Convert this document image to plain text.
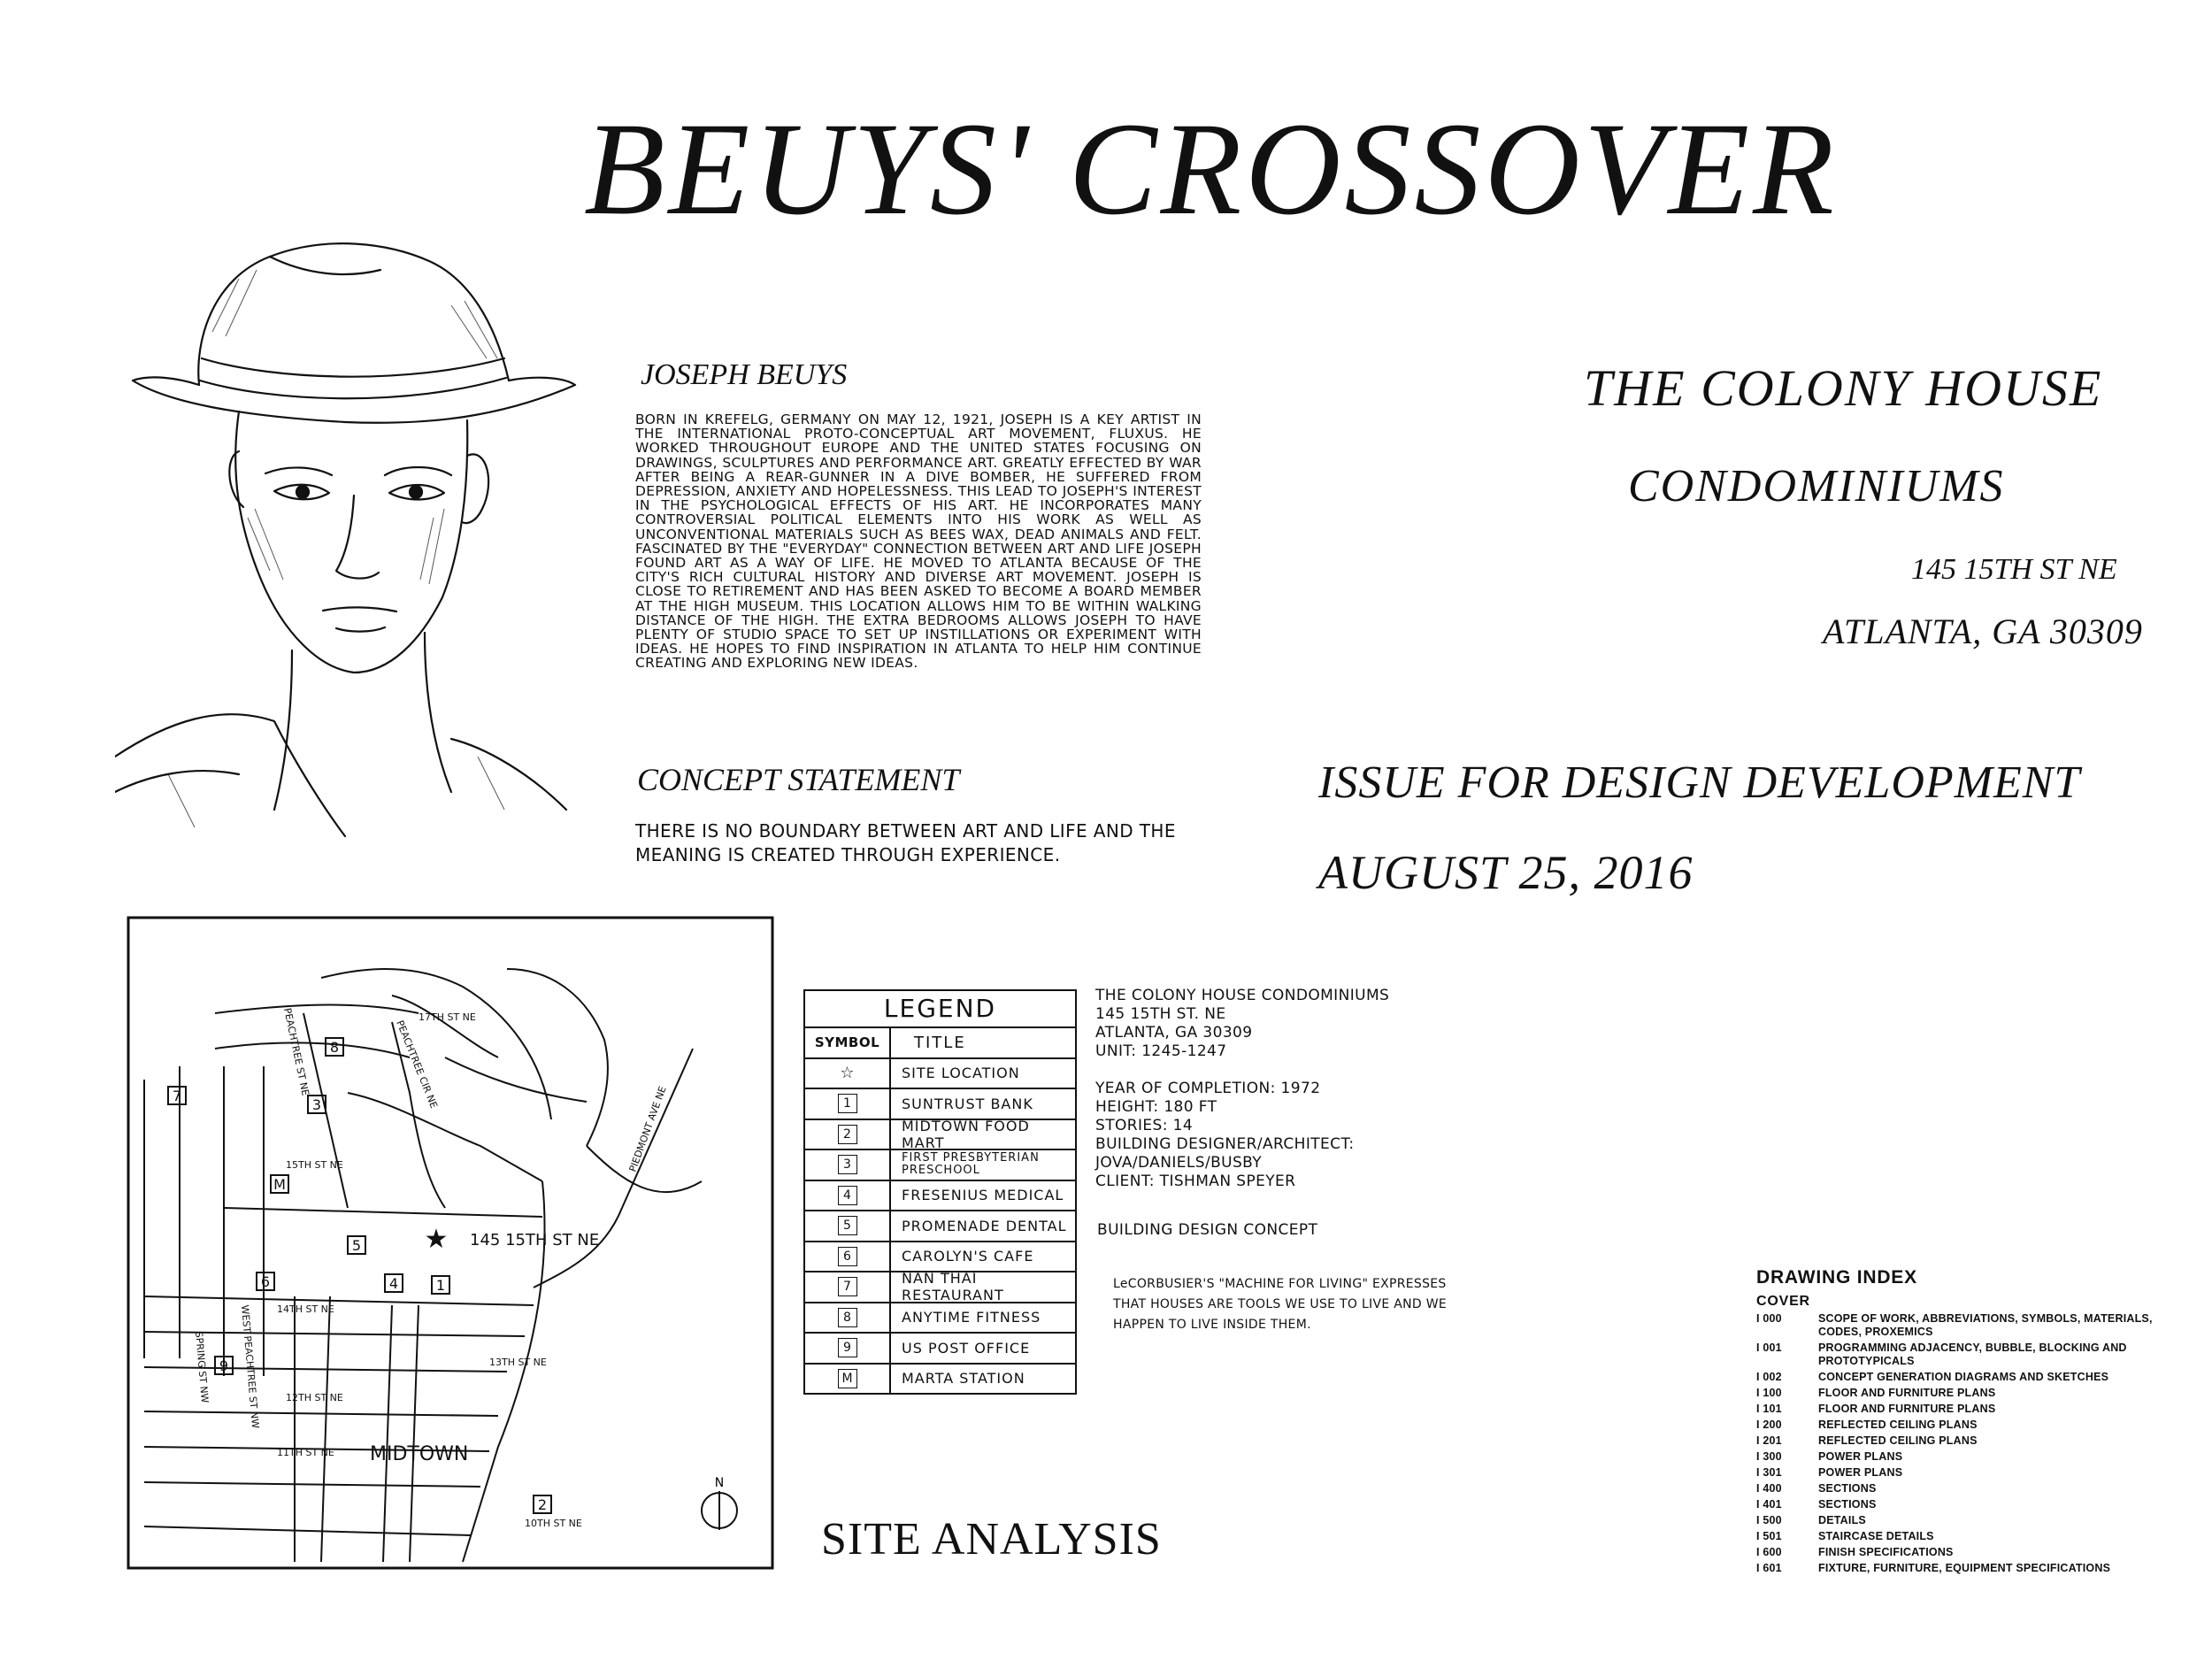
BEUYS' CROSSOVER
JOSEPH BEUYS
BORN IN KREFELG, GERMANY ON MAY 12, 1921, JOSEPH IS A KEY ARTIST IN THE INTERNATIONAL PROTO-CONCEPTUAL ART MOVEMENT, FLUXUS. HE WORKED THROUGHOUT EUROPE AND THE UNITED STATES FOCUSING ON DRAWINGS, SCULPTURES AND PERFORMANCE ART. GREATLY EFFECTED BY WAR AFTER BEING A REAR-GUNNER IN A DIVE BOMBER, HE SUFFERED FROM DEPRESSION, ANXIETY AND HOPELESSNESS. THIS LEAD TO JOSEPH'S INTEREST IN THE PSYCHOLOGICAL EFFECTS OF HIS ART. HE INCORPORATES MANY CONTROVERSIAL POLITICAL ELEMENTS INTO HIS WORK AS WELL AS UNCONVENTIONAL MATERIALS SUCH AS BEES WAX, DEAD ANIMALS AND FELT. FASCINATED BY THE "EVERYDAY" CONNECTION BETWEEN ART AND LIFE JOSEPH FOUND ART AS A WAY OF LIFE. HE MOVED TO ATLANTA BECAUSE OF THE CITY'S RICH CULTURAL HISTORY AND DIVERSE ART MOVEMENT. JOSEPH IS CLOSE TO RETIREMENT AND HAS BEEN ASKED TO BECOME A BOARD MEMBER AT THE HIGH MUSEUM. THIS LOCATION ALLOWS HIM TO BE WITHIN WALKING DISTANCE OF THE HIGH. THE EXTRA BEDROOMS ALLOWS JOSEPH TO HAVE PLENTY OF STUDIO SPACE TO SET UP INSTILLATIONS OR EXPERIMENT WITH IDEAS. HE HOPES TO FIND INSPIRATION IN ATLANTA TO HELP HIM CONTINUE CREATING AND EXPLORING NEW IDEAS.
CONCEPT STATEMENT
THERE IS NO BOUNDARY BETWEEN ART AND LIFE AND THE MEANING IS CREATED THROUGH EXPERIENCE.
THE COLONY HOUSE
CONDOMINIUMS
145 15TH ST NE
ATLANTA, GA 30309
ISSUE FOR DESIGN DEVELOPMENT
AUGUST 25, 2016
17TH ST NE
15TH ST NE
14TH ST NE
13TH ST NE
12TH ST NE
11TH ST NE
10TH ST NE
PEACHTREE ST NE	PEACHTREE CIR NE
PIEDMONT AVE NE
SPRING ST NW	WEST PEACHTREE ST NW
145 15TH ST NE
MIDTOWN
★
1
2
3
4
5
6
7
8
9
M
N
LEGEND
SYMBOL	TITLE
☆	SITE LOCATION
1	SUNTRUST BANK
2	MIDTOWN FOOD MART
3	FIRST PRESBYTERIAN PRESCHOOL
4	FRESENIUS MEDICAL
5	PROMENADE DENTAL
6	CAROLYN'S CAFE
7	NAN THAI RESTAURANT
8	ANYTIME FITNESS
9	US POST OFFICE
M	MARTA STATION
THE COLONY HOUSE CONDOMINIUMS
145 15TH ST. NE
ATLANTA, GA 30309
UNIT: 1245-1247
YEAR OF COMPLETION: 1972
HEIGHT: 180 FT
STORIES: 14
BUILDING DESIGNER/ARCHITECT: JOVA/DANIELS/BUSBY
CLIENT: TISHMAN SPEYER
BUILDING DESIGN CONCEPT
LeCORBUSIER'S "MACHINE FOR LIVING" EXPRESSES THAT HOUSES ARE TOOLS WE USE TO LIVE AND WE HAPPEN TO LIVE INSIDE THEM.
SITE ANALYSIS
DRAWING INDEX
COVER
I 000	SCOPE OF WORK, ABBREVIATIONS, SYMBOLS, MATERIALS, CODES, PROXEMICS
I 001	PROGRAMMING ADJACENCY, BUBBLE, BLOCKING AND PROTOTYPICALS
I 002	CONCEPT GENERATION DIAGRAMS AND SKETCHES
I 100	FLOOR AND FURNITURE PLANS
I 101	FLOOR AND FURNITURE PLANS
I 200	REFLECTED CEILING PLANS
I 201	REFLECTED CEILING PLANS
I 300	POWER PLANS
I 301	POWER PLANS
I 400	SECTIONS
I 401	SECTIONS
I 500	DETAILS
I 501	STAIRCASE DETAILS
I 600	FINISH SPECIFICATIONS
I 601	FIXTURE, FURNITURE, EQUIPMENT SPECIFICATIONS
